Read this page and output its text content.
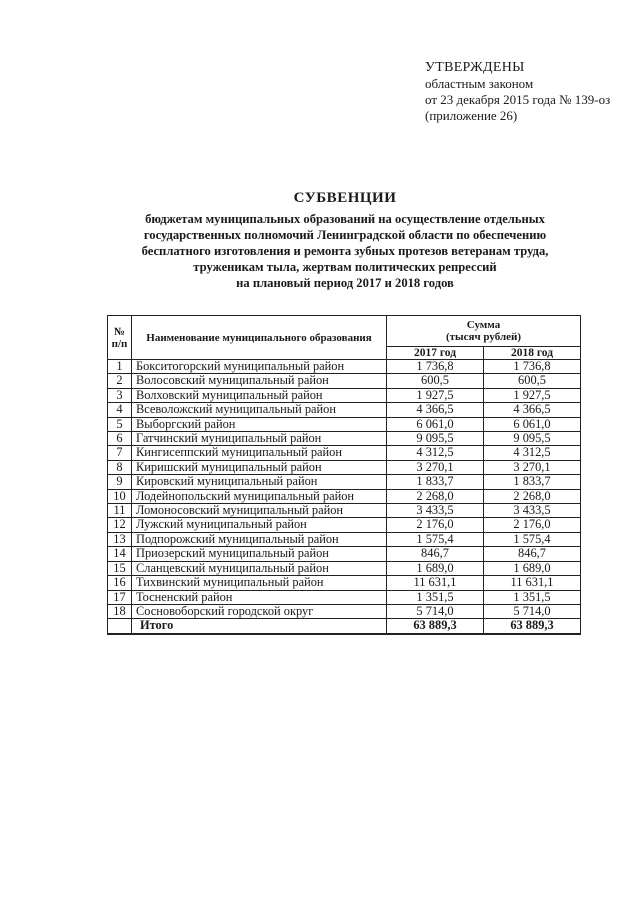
УТВЕРЖДЕНЫ
областным законом
от 23 декабря 2015 года № 139-оз
(приложение 26)
СУБВЕНЦИИ
бюджетам муниципальных образований на осуществление отдельных
государственных полномочий Ленинградской области по обеспечению
бесплатного изготовления и ремонта зубных протезов ветеранам труда,
труженикам тыла, жертвам политических репрессий
на плановый период 2017 и 2018 годов
№ п/п	Наименование муниципального образования	Сумма
(тысяч рублей)	

		2017 год	2018 год
1	Бокситогорский муниципальный район	1 736,8	1 736,8
2	Волосовский муниципальный район	600,5	600,5
3	Волховский муниципальный район	1 927,5	1 927,5
4	Всеволожский муниципальный район	4 366,5	4 366,5
5	Выборгский район	6 061,0	6 061,0
6	Гатчинский муниципальный район	9 095,5	9 095,5
7	Кингисеппский муниципальный район	4 312,5	4 312,5
8	Киришский муниципальный район	3 270,1	3 270,1
9	Кировский муниципальный район	1 833,7	1 833,7
10	Лодейнопольский муниципальный район	2 268,0	2 268,0
11	Ломоносовский муниципальный район	3 433,5	3 433,5
12	Лужский муниципальный район	2 176,0	2 176,0
13	Подпорожский муниципальный район	1 575,4	1 575,4
14	Приозерский муниципальный район	846,7	846,7
15	Сланцевский муниципальный район	1 689,0	1 689,0
16	Тихвинский муниципальный район	11 631,1	11 631,1
17	Тосненский район	1 351,5	1 351,5
18	Сосновоборский городской округ	5 714,0	5 714,0
	Итого	63 889,3	63 889,3
